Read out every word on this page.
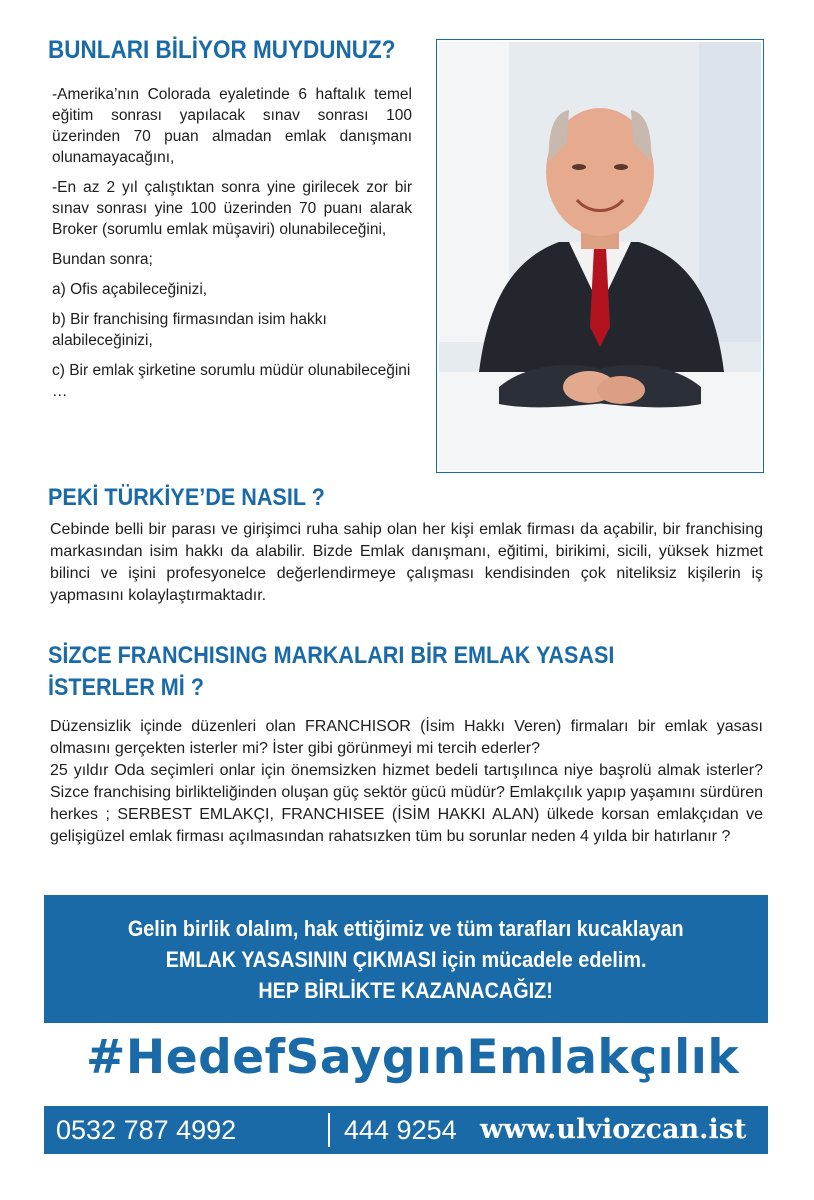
BUNLARI BİLİYOR MUYDUNUZ?

-Amerika’nın Colorada eyaletinde 6 haftalık temel eğitim sonrası yapılacak sınav sonrası 100 üzerinden 70 puan almadan emlak danışmanı olunamayacağını,

-En az 2 yıl çalıştıktan sonra yine girilecek zor bir sınav sonrası yine 100 üzerinden 70 puanı alarak Broker (sorumlu emlak müşaviri) olunabileceğini,

Bundan sonra;

a) Ofis açabileceğinizi,

b) Bir franchising firmasından isim hakkı alabileceğinizi,

c) Bir emlak şirketine sorumlu müdür olunabileceğini …

PEKİ TÜRKİYE’DE NASIL ?

Cebinde belli bir parası ve girişimci ruha sahip olan her kişi emlak firması da açabilir, bir franchising markasından isim hakkı da alabilir. Bizde Emlak danışmanı, eğitimi, birikimi, sicili, yüksek hizmet bilinci ve işini profesyonelce değerlendirmeye çalışması kendisinden çok niteliksiz kişilerin iş yapmasını kolaylaştırmaktadır.

SİZCE FRANCHISING MARKALARI BİR EMLAK YASASI
İSTERLER Mİ ?

Düzensizlik içinde düzenleri olan FRANCHISOR (İsim Hakkı Veren) firmaları bir emlak yasası olmasını gerçekten isterler mi? İster gibi görünmeyi mi tercih ederler?

25 yıldır Oda seçimleri onlar için önemsizken hizmet bedeli tartışılınca niye başrolü almak isterler? Sizce franchising birlikteliğinden oluşan güç sektör gücü müdür? Emlakçılık yapıp yaşamını sürdüren herkes ; SERBEST EMLAKÇI, FRANCHISEE (İSİM HAKKI ALAN) ülkede korsan emlakçıdan ve gelişigüzel emlak firması açılmasından rahatsızken tüm bu sorunlar neden 4 yılda bir hatırlanır ?

Gelin birlik olalım, hak ettiğimiz ve tüm tarafları kucaklayan
EMLAK YASASININ ÇIKMASI için mücadele edelim.
HEP BİRLİKTE KAZANACAĞIZ!
#HedefSaygınEmlakçılık
0532 787 4992	444 9254 www.ulviozcan.ist
